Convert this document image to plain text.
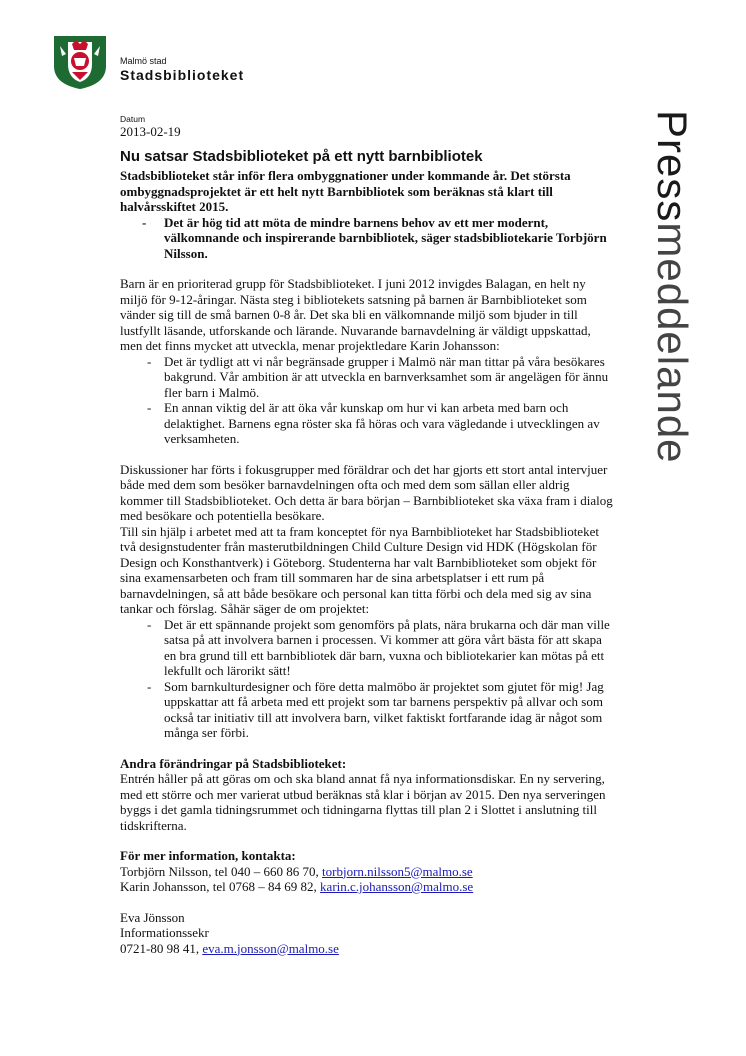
Malmö stad
Stadsbiblioteket
Pressmeddelande
Datum
2013-02-19
Nu satsar Stadsbiblioteket på ett nytt barnbibliotek

Stadsbiblioteket står inför flera ombyggnationer under kommande år. Det största ombyggnadsprojektet är ett helt nytt Barnbibliotek som beräknas stå klart till halvårsskiftet 2015.

- Det är hög tid att möta de mindre barnens behov av ett mer modernt, välkomnande och inspirerande barnbibliotek, säger stadsbibliotekarie Torbjörn Nilsson.

Barn är en prioriterad grupp för Stadsbiblioteket. I juni 2012 invigdes Balagan, en helt ny miljö för 9-12-åringar. Nästa steg i bibliotekets satsning på barnen är Barnbiblioteket som vänder sig till de små barnen 0-8 år. Det ska bli en välkomnande miljö som bjuder in till lustfyllt läsande, utforskande och lärande. Nuvarande barnavdelning är väldigt uppskattad, men det finns mycket att utveckla, menar projektledare Karin Johansson:

- Det är tydligt att vi når begränsade grupper i Malmö när man tittar på våra besökares bakgrund. Vår ambition är att utveckla en barnverksamhet som är angelägen för ännu fler barn i Malmö.
- En annan viktig del är att öka vår kunskap om hur vi kan arbeta med barn och delaktighet. Barnens egna röster ska få höras och vara vägledande i utvecklingen av verksamheten.

Diskussioner har förts i fokusgrupper med föräldrar och det har gjorts ett stort antal intervjuer både med dem som besöker barnavdelningen ofta och med dem som sällan eller aldrig kommer till Stadsbiblioteket. Och detta är bara början – Barnbiblioteket ska växa fram i dialog med besökare och potentiella besökare.

Till sin hjälp i arbetet med att ta fram konceptet för nya Barnbiblioteket har Stadsbiblioteket två designstudenter från masterutbildningen Child Culture Design vid HDK (Högskolan för Design och Konsthantverk) i Göteborg. Studenterna har valt Barnbiblioteket som objekt för sina examensarbeten och fram till sommaren har de sina arbetsplatser i ett rum på barnavdelningen, så att både besökare och personal kan titta förbi och dela med sig av sina tankar och förslag. Såhär säger de om projektet:

- Det är ett spännande projekt som genomförs på plats, nära brukarna och där man ville satsa på att involvera barnen i processen. Vi kommer att göra vårt bästa för att skapa en bra grund till ett barnbibliotek där barn, vuxna och bibliotekarier kan mötas på ett lekfullt och lärorikt sätt!
- Som barnkulturdesigner och före detta malmöbo är projektet som gjutet för mig! Jag uppskattar att få arbeta med ett projekt som tar barnens perspektiv på allvar och som också tar initiativ till att involvera barn, vilket faktiskt fortfarande idag är något som många ser förbi.

Andra förändringar på Stadsbiblioteket:

Entrén håller på att göras om och ska bland annat få nya informationsdiskar. En ny servering, med ett större och mer varierat utbud beräknas stå klar i början av 2015. Den nya serveringen byggs i det gamla tidningsrummet och tidningarna flyttas till plan 2 i Slottet i anslutning till tidskrifterna.

För mer information, kontakta:

Torbjörn Nilsson, tel 040 – 660 86 70, torbjorn.nilsson5@malmo.se

Karin Johansson, tel 0768 – 84 69 82, karin.c.johansson@malmo.se

Eva Jönsson

Informationssekr

0721-80 98 41, eva.m.jonsson@malmo.se
